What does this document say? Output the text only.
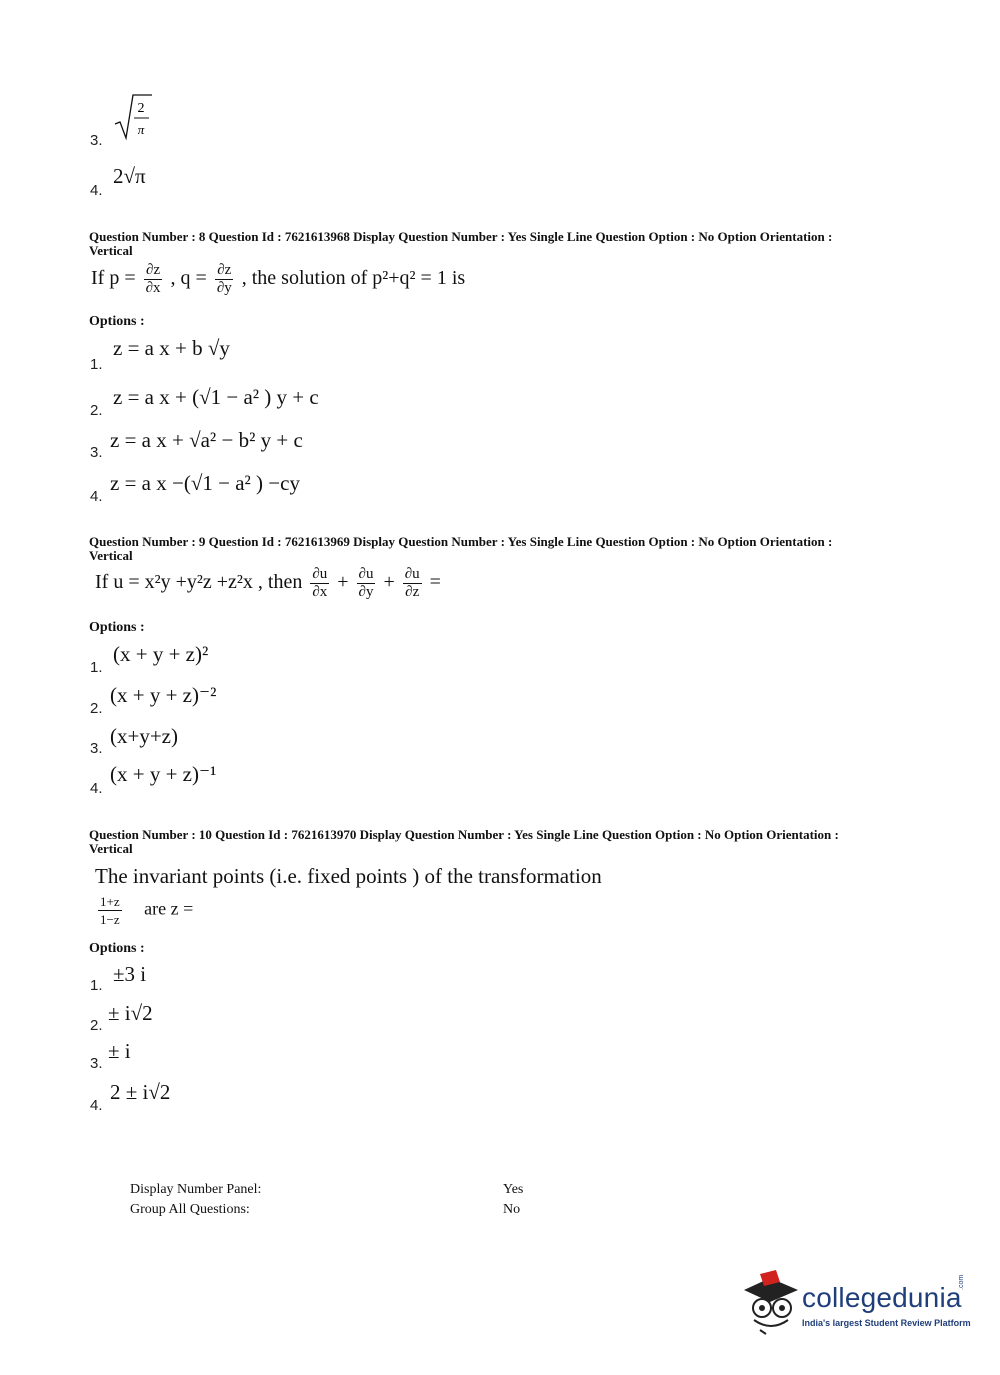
3.
2
π
4.
2√π
Question Number : 8 Question Id : 7621613968 Display Question Number : Yes Single Line Question Option : No Option Orientation : Vertical
If $p = \frac{\partial z}{\partial x}$ , $q = \frac{\partial z}{\partial y}$ , the solution of p²+q² = 1 is
Options :
1.
z = a x + b √y
2.
z = a x + (√1 − a² ) y + c
3.
z = a x + √a² − b² y + c
4.
z = a x −(√1 − a² ) −cy
Question Number : 9 Question Id : 7621613969 Display Question Number : Yes Single Line Question Option : No Option Orientation : Vertical
If u = x²y +y²z +z²x , then $\frac{\partial u}{\partial x} + \frac{\partial u}{\partial y} + \frac{\partial u}{\partial z}$ =
Options :
1.
(x + y + z)²
2.
(x + y + z)⁻²
3.
(x+y+z)
4.
(x + y + z)⁻¹
Question Number : 10 Question Id : 7621613970 Display Question Number : Yes Single Line Question Option : No Option Orientation : Vertical
The invariant points (i.e. fixed points ) of the transformation
$\frac{1+z}{1-z}$ are z =
Options :
1. ±3 i
2.
± i√2
3.
± i
4.
2 ± i√2
Display Number Panel:	Yes
Group All Questions:	No
collegedunia
.com
India's largest Student Review Platform
